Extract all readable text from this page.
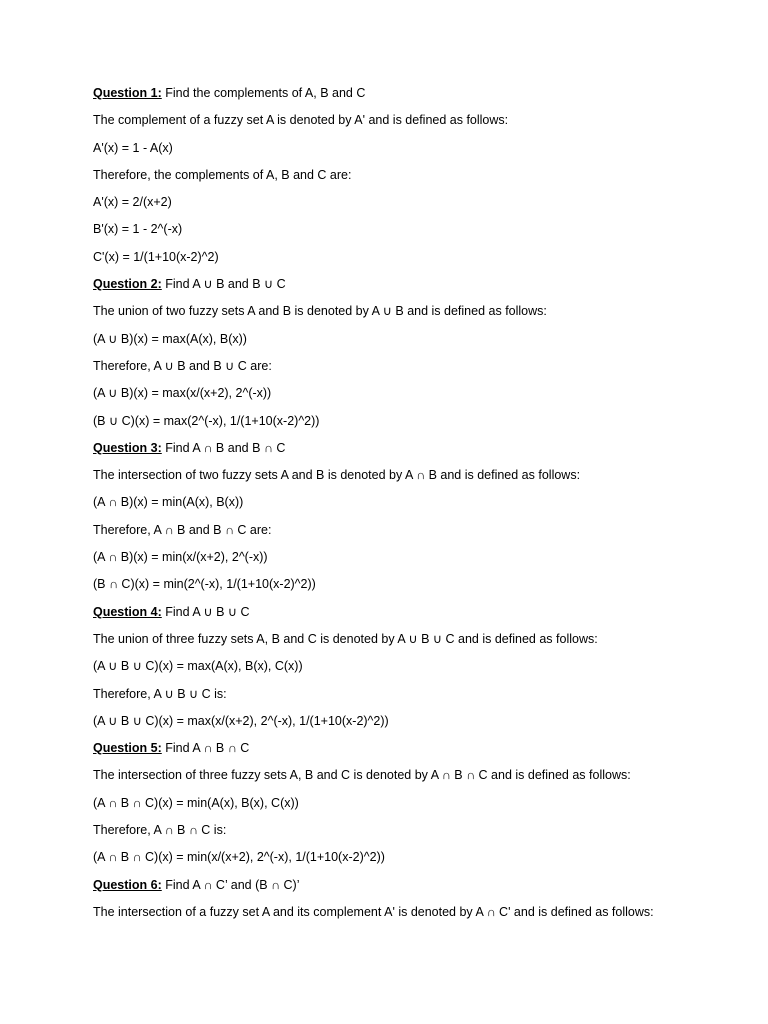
Question 1: Find the complements of A, B and C
The complement of a fuzzy set A is denoted by A' and is defined as follows:
A'(x) = 1 - A(x)
Therefore, the complements of A, B and C are:
A'(x) = 2/(x+2)
B'(x) = 1 - 2^(-x)
C'(x) = 1/(1+10(x-2)^2)
Question 2: Find A ∪ B and B ∪ C
The union of two fuzzy sets A and B is denoted by A ∪ B and is defined as follows:
(A ∪ B)(x) = max(A(x), B(x))
Therefore, A ∪ B and B ∪ C are:
(A ∪ B)(x) = max(x/(x+2), 2^(-x))
(B ∪ C)(x) = max(2^(-x), 1/(1+10(x-2)^2))
Question 3: Find A ∩ B and B ∩ C
The intersection of two fuzzy sets A and B is denoted by A ∩ B and is defined as follows:
(A ∩ B)(x) = min(A(x), B(x))
Therefore, A ∩ B and B ∩ C are:
(A ∩ B)(x) = min(x/(x+2), 2^(-x))
(B ∩ C)(x) = min(2^(-x), 1/(1+10(x-2)^2))
Question 4: Find A ∪ B ∪ C
The union of three fuzzy sets A, B and C is denoted by A ∪ B ∪ C and is defined as follows:
(A ∪ B ∪ C)(x) = max(A(x), B(x), C(x))
Therefore, A ∪ B ∪ C is:
(A ∪ B ∪ C)(x) = max(x/(x+2), 2^(-x), 1/(1+10(x-2)^2))
Question 5: Find A ∩ B ∩ C
The intersection of three fuzzy sets A, B and C is denoted by A ∩ B ∩ C and is defined as follows:
(A ∩ B ∩ C)(x) = min(A(x), B(x), C(x))
Therefore, A ∩ B ∩ C is:
(A ∩ B ∩ C)(x) = min(x/(x+2), 2^(-x), 1/(1+10(x-2)^2))
Question 6: Find A ∩ C’ and (B ∩ C)’
The intersection of a fuzzy set A and its complement A' is denoted by A ∩ C' and is defined as follows:
